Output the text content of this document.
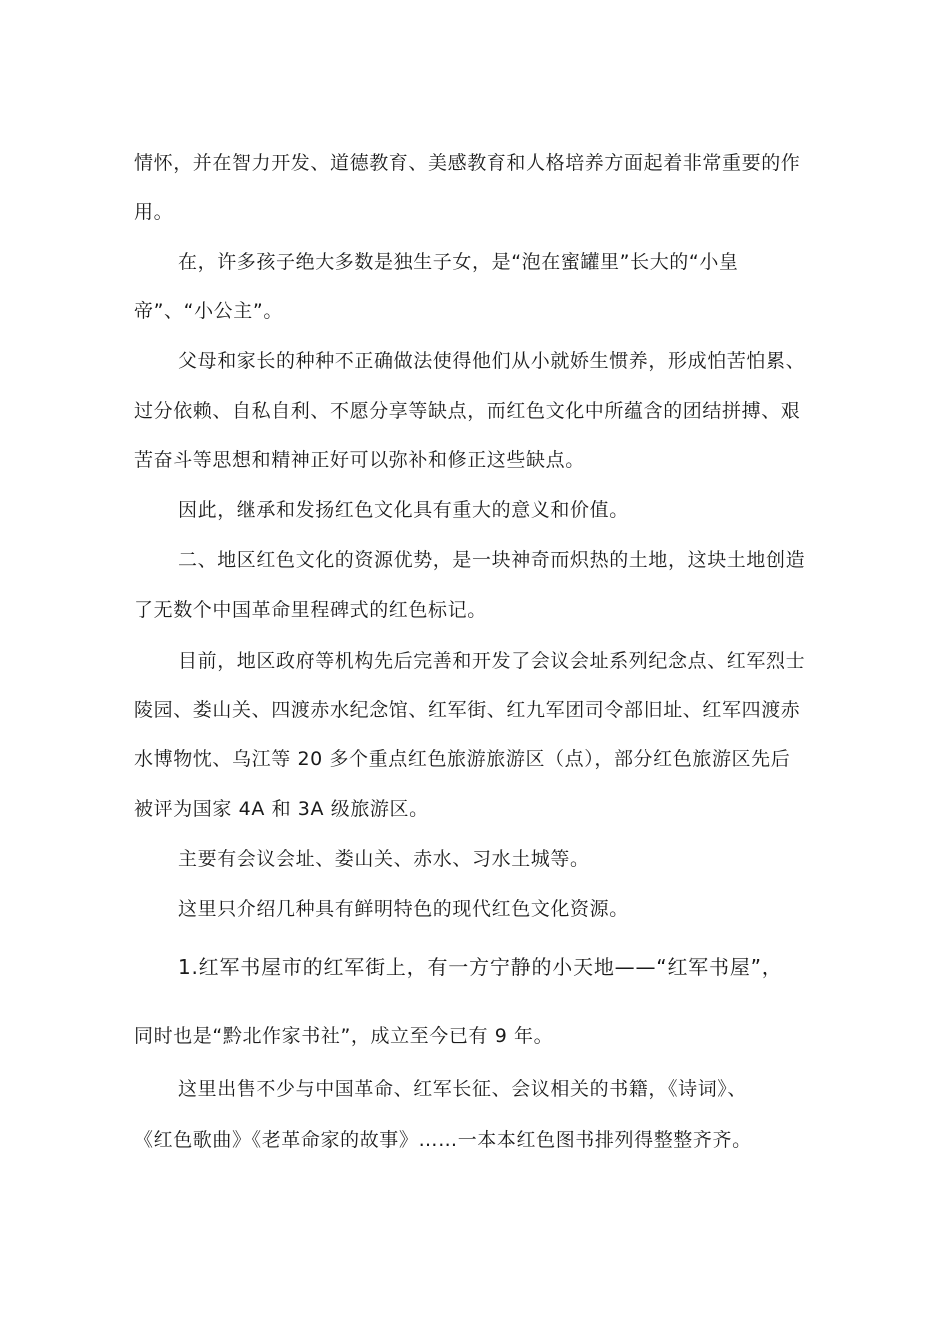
情怀，并在智力开发、道德教育、美感教育和人格培养方面起着非常重要的作
用。
在，许多孩子绝大多数是独生子女，是“泡在蜜罐里”长大的“小皇
帝”、“小公主”。
父母和家长的种种不正确做法使得他们从小就娇生惯养，形成怕苦怕累、
过分依赖、自私自利、不愿分享等缺点，而红色文化中所蕴含的团结拼搏、艰
苦奋斗等思想和精神正好可以弥补和修正这些缺点。
因此，继承和发扬红色文化具有重大的意义和价值。
二、地区红色文化的资源优势，是一块神奇而炽热的土地，这块土地创造
了无数个中国革命里程碑式的红色标记。
目前，地区政府等机构先后完善和开发了会议会址系列纪念点、红军烈士
陵园、娄山关、四渡赤水纪念馆、红军街、红九军团司令部旧址、红军四渡赤
水博物忱、乌江等 20 多个重点红色旅游旅游区（点），部分红色旅游区先后
被评为国家 4A 和 3A 级旅游区。
主要有会议会址、娄山关、赤水、习水土城等。
这里只介绍几种具有鲜明特色的现代红色文化资源。
1.红军书屋市的红军街上，有一方宁静的小天地——“红军书屋”，
同时也是“黔北作家书社”，成立至今已有 9 年。
这里出售不少与中国革命、红军长征、会议相关的书籍，《诗词》、
《红色歌曲》《老革命家的故事》……一本本红色图书排列得整整齐齐。
